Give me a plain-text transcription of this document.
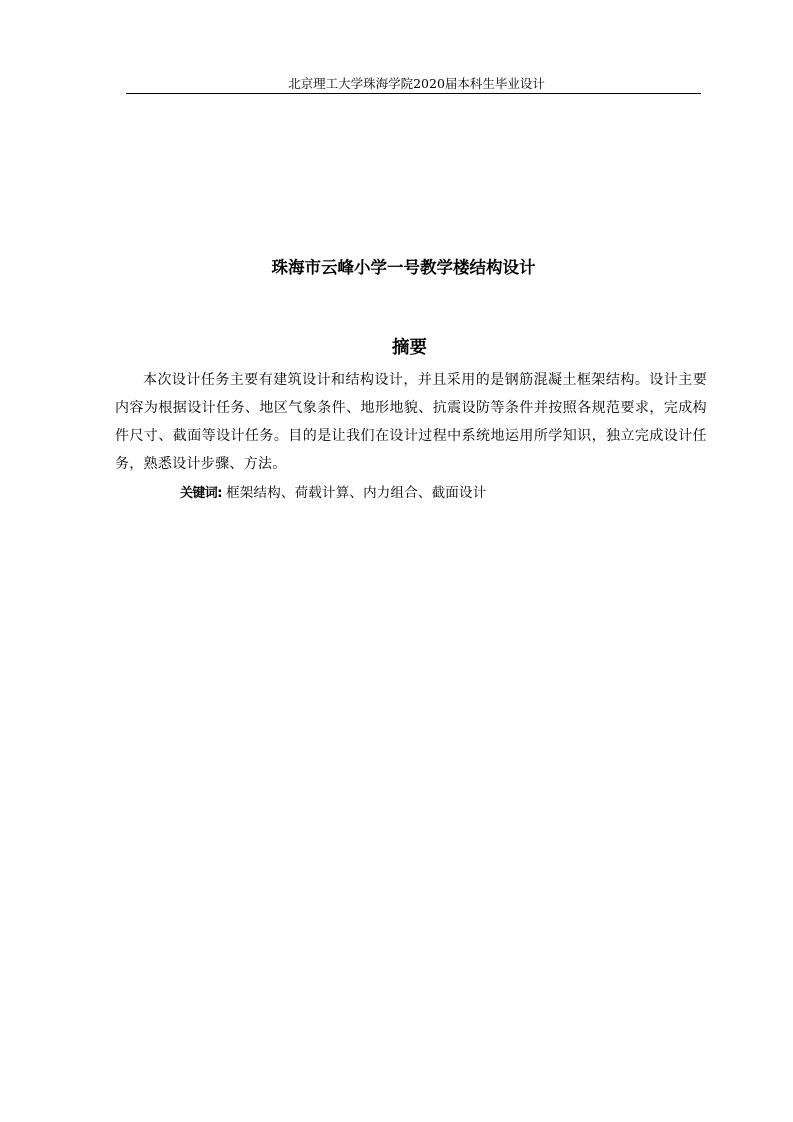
北京理工大学珠海学院2020届本科生毕业设计
珠海市云峰小学一号教学楼结构设计
摘要

本次设计任务主要有建筑设计和结构设计，并且采用的是钢筋混凝土框架结构。设计主要内容为根据设计任务、地区气象条件、地形地貌、抗震设防等条件并按照各规范要求，完成构件尺寸、截面等设计任务。目的是让我们在设计过程中系统地运用所学知识，独立完成设计任务，熟悉设计步骤、方法。

关键词: 框架结构、荷载计算、内力组合、截面设计
